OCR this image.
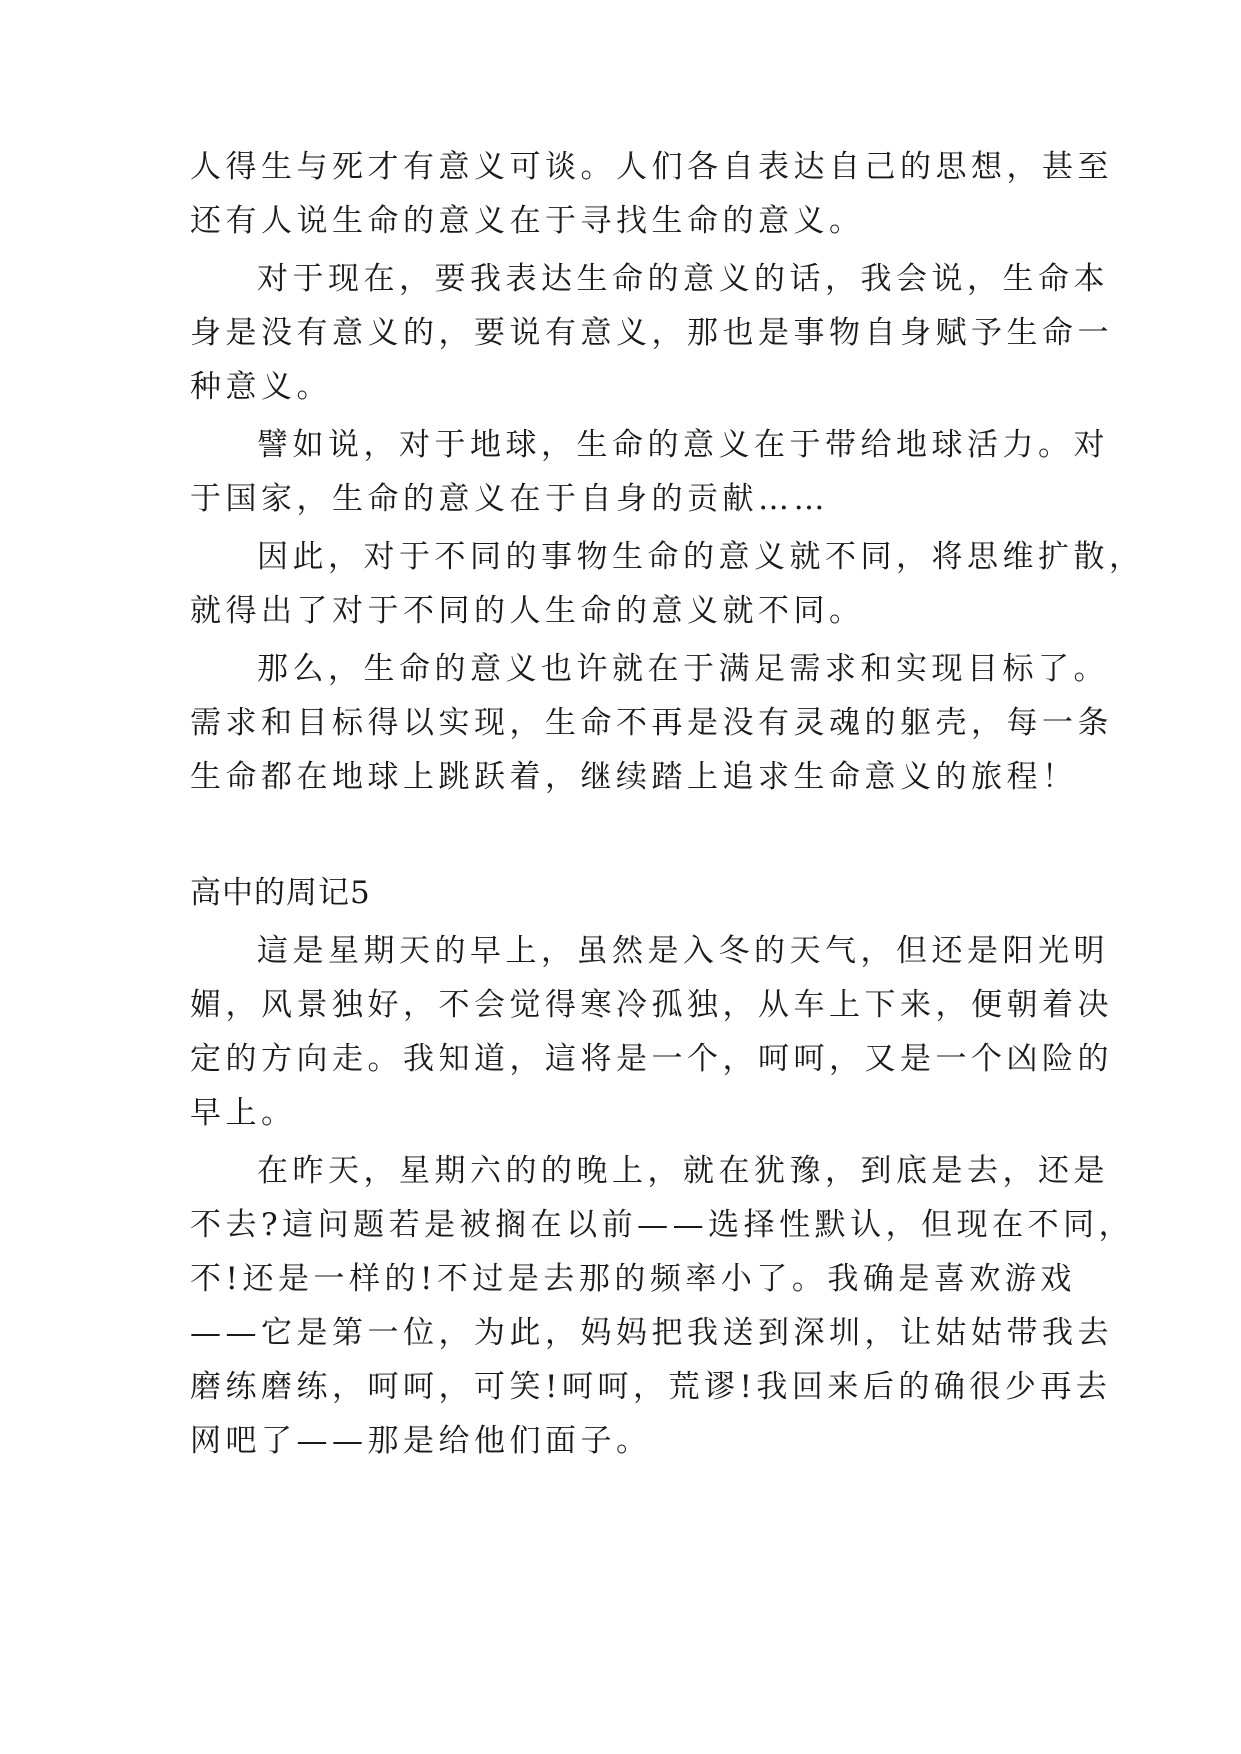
人得生与死才有意义可谈。人们各自表达自己的思想，甚至
还有人说生命的意义在于寻找生命的意义。
对于现在，要我表达生命的意义的话，我会说，生命本
身是没有意义的，要说有意义，那也是事物自身赋予生命一
种意义。
譬如说，对于地球，生命的意义在于带给地球活力。对
于国家，生命的意义在于自身的贡献……
因此，对于不同的事物生命的意义就不同，将思维扩散，
就得出了对于不同的人生命的意义就不同。
那么，生命的意义也许就在于满足需求和实现目标了。
需求和目标得以实现，生命不再是没有灵魂的躯壳，每一条
生命都在地球上跳跃着，继续踏上追求生命意义的旅程！
高中的周记5
這是星期天的早上，虽然是入冬的天气，但还是阳光明
媚，风景独好，不会觉得寒冷孤独，从车上下来，便朝着决
定的方向走。我知道，這将是一个，呵呵，又是一个凶险的
早上。
在昨天，星期六的的晚上，就在犹豫，到底是去，还是
不去?這问题若是被搁在以前——选择性默认，但现在不同，
不!还是一样的!不过是去那的频率小了。我确是喜欢游戏
——它是第一位，为此，妈妈把我送到深圳，让姑姑带我去
磨练磨练，呵呵，可笑!呵呵，荒谬!我回来后的确很少再去
网吧了——那是给他们面子。
